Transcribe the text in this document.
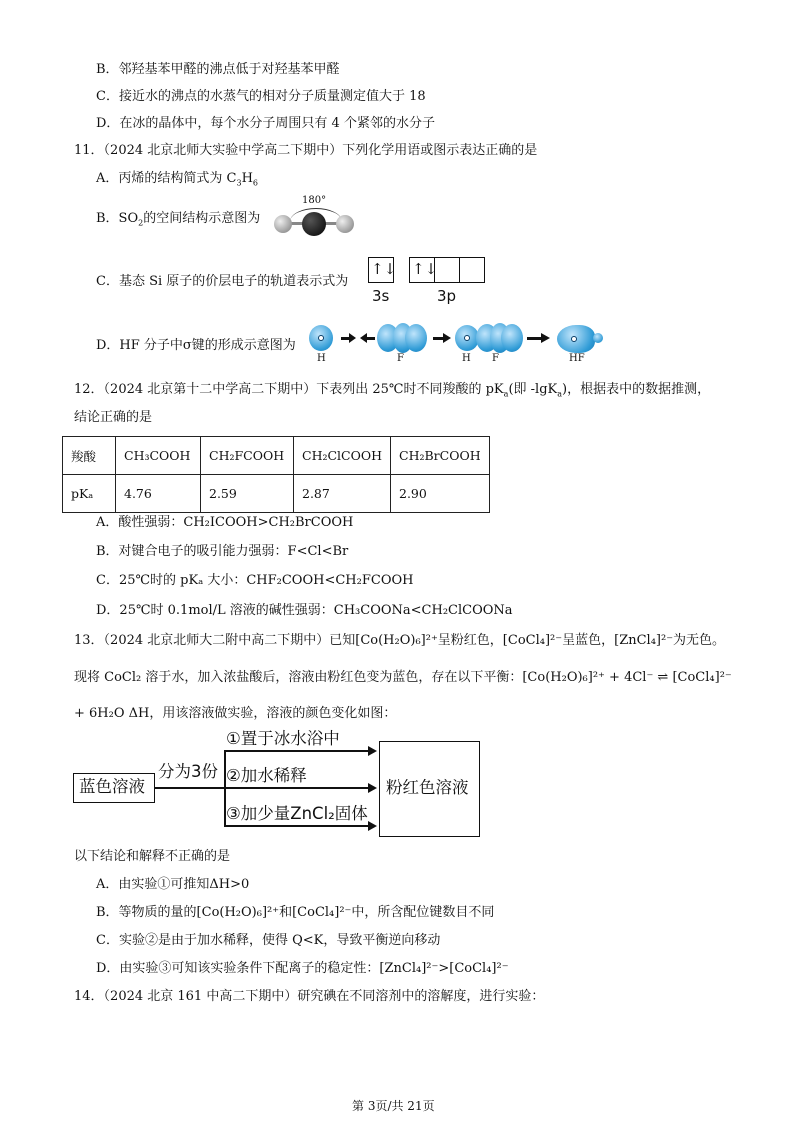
B．邻羟基苯甲醛的沸点低于对羟基苯甲醛
C．接近水的沸点的水蒸气的相对分子质量测定值大于 18
D．在冰的晶体中，每个水分子周围只有 4 个紧邻的水分子
11．（2024 北京北师大实验中学高二下期中）下列化学用语或图示表达正确的是
A．丙烯的结构简式为 $C_3H_6$
B．$SO_2$的空间结构示意图为
180°
C．基态 Si 原子的价层电子的轨道表示式为
↑↓ ↑↓
3s	3p
D．HF 分子中σ键的形成示意图为
H	F	H F	HF
12．（2024 北京第十二中学高二下期中）下表列出 25℃时不同羧酸的 $pK_a$(即 -lgK$_a$)，根据表中的数据推测，
结论正确的是
羧酸	CH₃COOH	CH₂FCOOH	CH₂ClCOOH	CH₂BrCOOH
pKₐ	4.76	2.59	2.87	2.90
A．酸性强弱：CH₂ICOOH>CH₂BrCOOH
B．对键合电子的吸引能力强弱：F<Cl<Br
C．25℃时的 pKₐ 大小：CHF₂COOH<CH₂FCOOH
D．25℃时 0.1mol/L 溶液的碱性强弱：CH₃COONa<CH₂ClCOONa
13．（2024 北京北师大二附中高二下期中）已知[Co(H₂O)₆]²⁺呈粉红色，[CoCl₄]²⁻呈蓝色，[ZnCl₄]²⁻为无色。
现将 CoCl₂ 溶于水，加入浓盐酸后，溶液由粉红色变为蓝色，存在以下平衡：[Co(H₂O)₆]²⁺ + 4Cl⁻ ⇌ [CoCl₄]²⁻
+ 6H₂O ΔH，用该溶液做实验，溶液的颜色变化如图：
蓝色溶液
分为3份
①置于冰水浴中
②加水稀释
③加少量ZnCl₂固体
粉红色溶液
以下结论和解释不正确的是
A．由实验①可推知ΔH>0
B．等物质的量的[Co(H₂O)₆]²⁺和[CoCl₄]²⁻中，所含配位键数目不同
C．实验②是由于加水稀释，使得 Q<K，导致平衡逆向移动
D．由实验③可知该实验条件下配离子的稳定性：[ZnCl₄]²⁻>[CoCl₄]²⁻
14．（2024 北京 161 中高二下期中）研究碘在不同溶剂中的溶解度，进行实验：
第 3页/共 21页
